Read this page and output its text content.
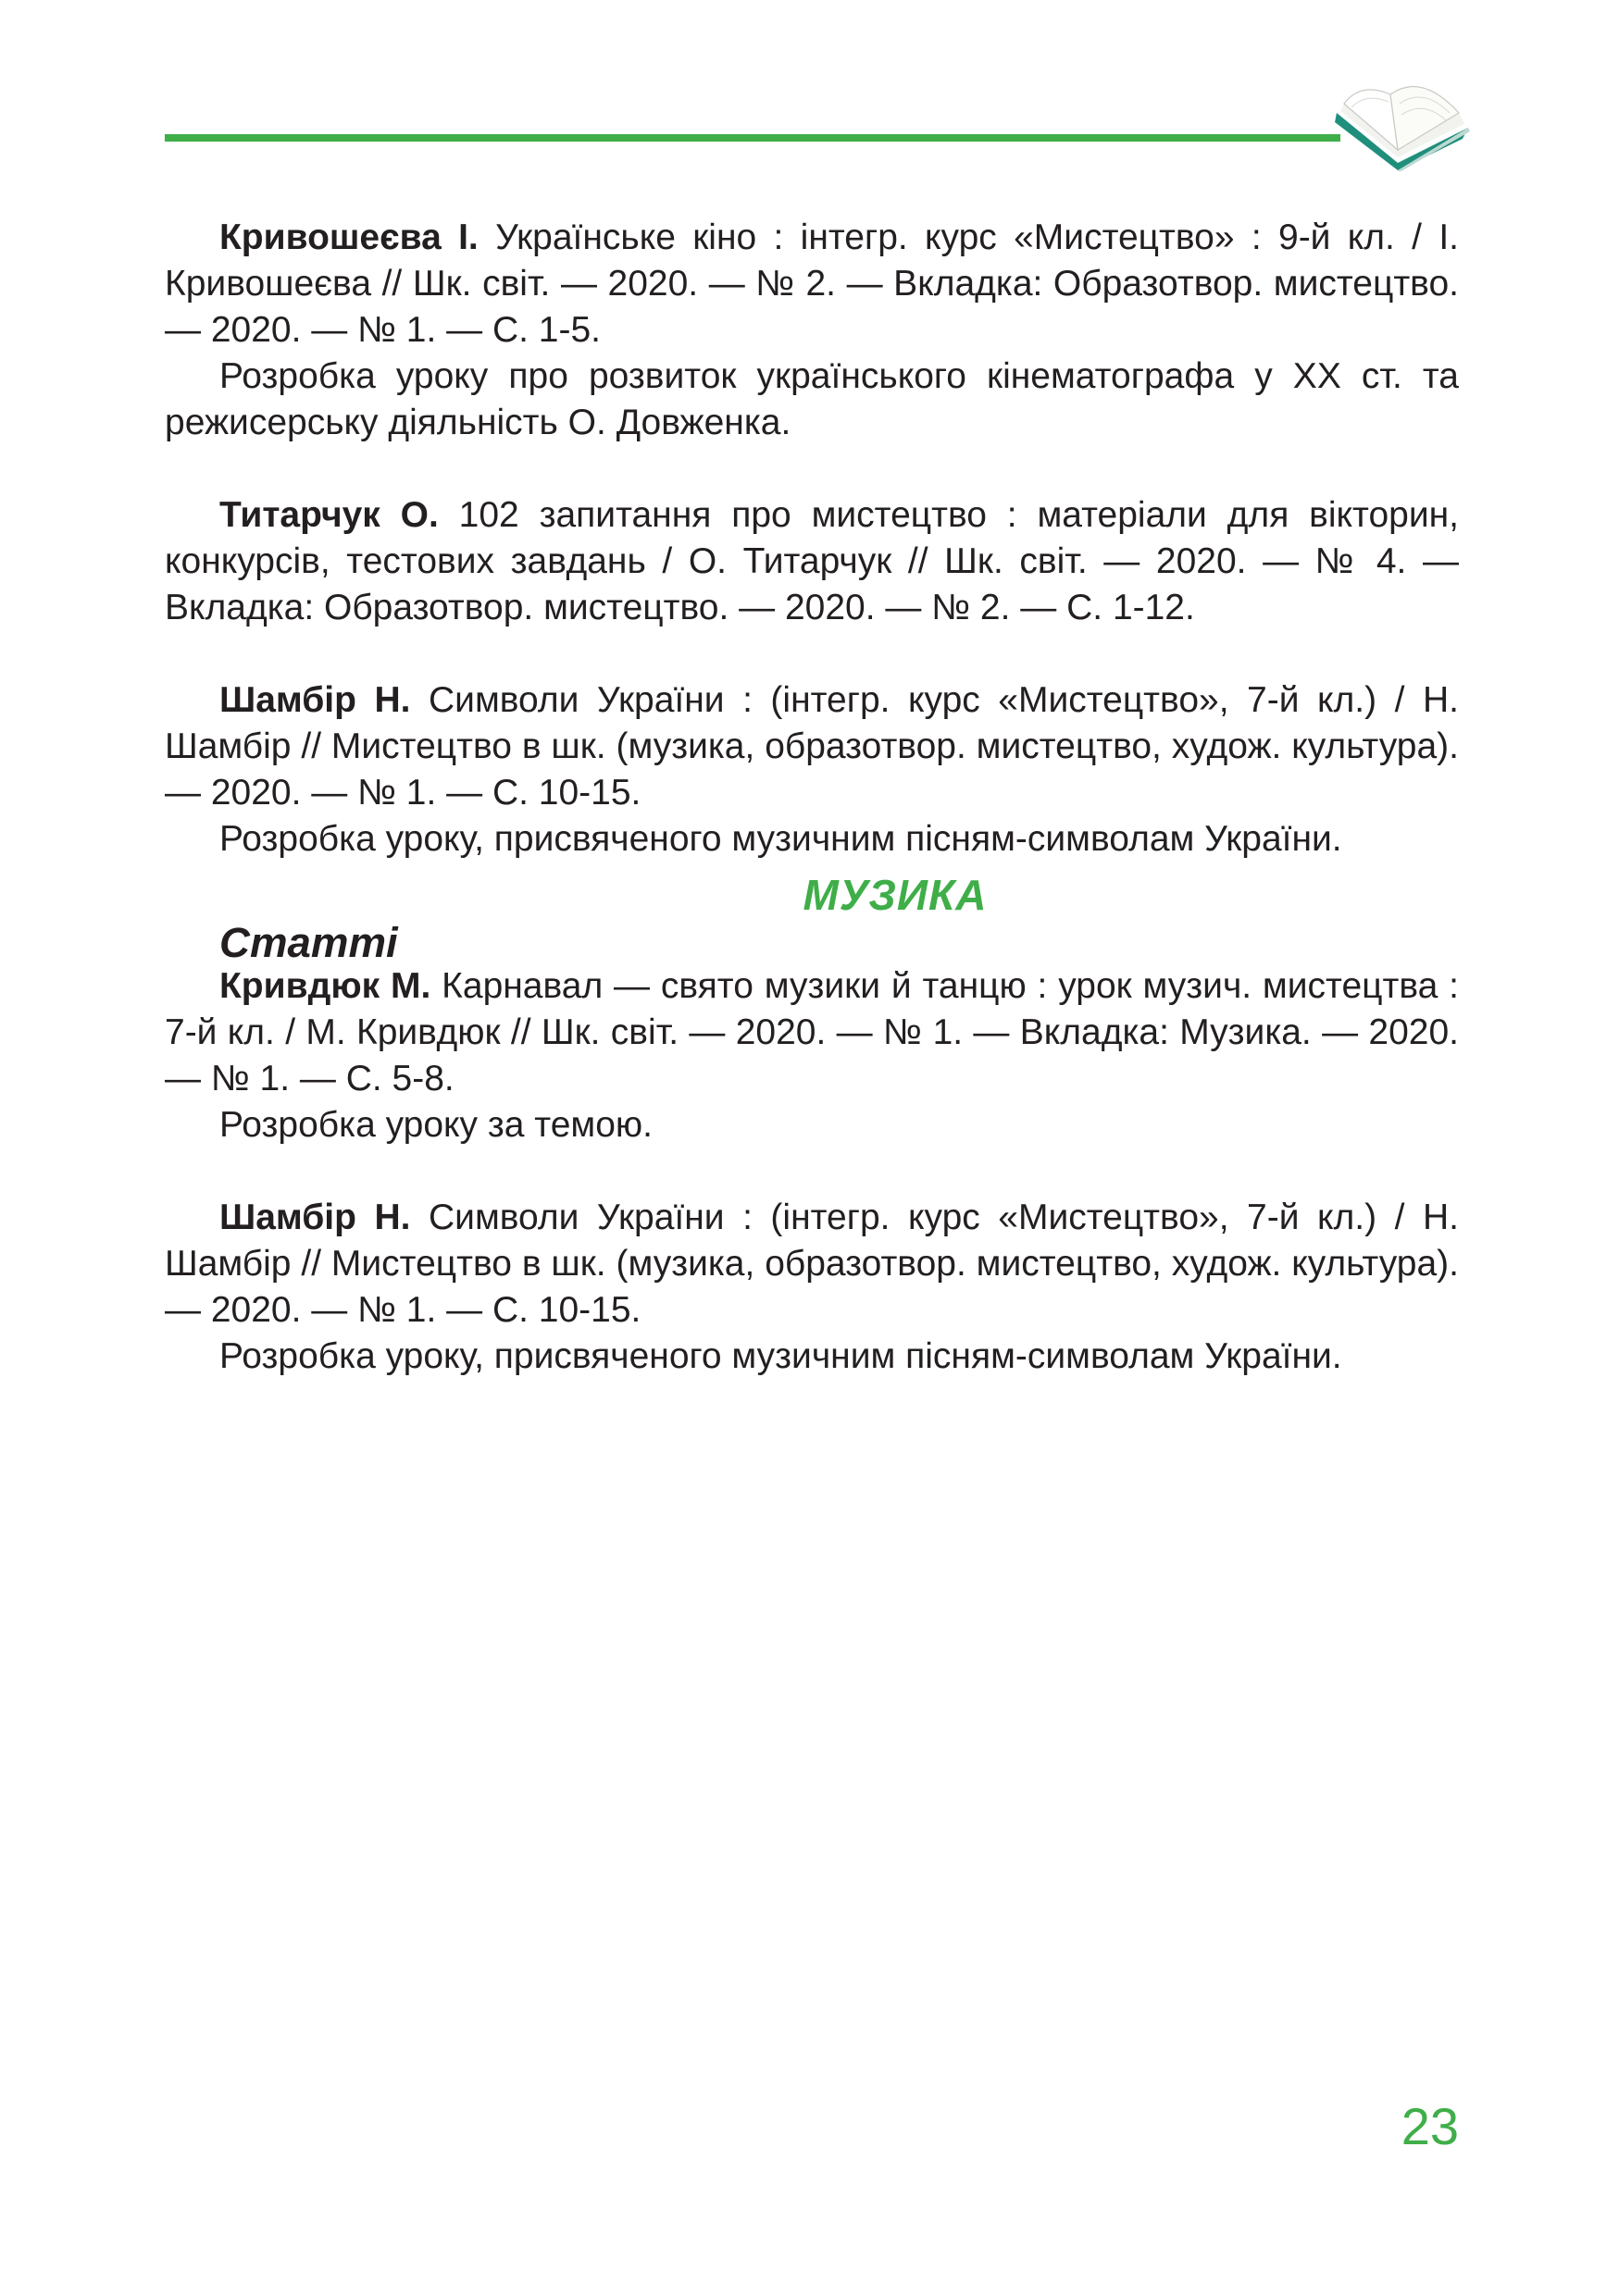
Кривошеєва І. Українське кіно : інтегр. курс «Мистецтво» : 9-й кл. / І. Кривошеєва // Шк. світ. — 2020. — № 2. — Вкладка: Образотвор. мистецтво. — 2020. — № 1. — С. 1-5.

Розробка уроку про розвиток українського кінематографа у ХХ ст. та режисерську діяльність О. Довженка.

Титарчук О. 102 запитання про мистецтво : матеріали для вікторин, конкурсів, тестових завдань / О. Титарчук // Шк. світ. — 2020. — № 4. — Вкладка: Образотвор. мистецтво. — 2020. — № 2. — С. 1-12.

Шамбір Н. Символи України : (інтегр. курс «Мистецтво», 7-й кл.) / Н. Шамбір // Мистецтво в шк. (музика, образотвор. мистецтво, худож. культура). — 2020. — № 1. — С. 10-15.

Розробка уроку, присвяченого музичним пісням-символам України.

МУЗИКА
Статті

Кривдюк М. Карнавал — свято музики й танцю : урок музич. мистецтва : 7-й кл. / М. Кривдюк // Шк. світ. — 2020. — № 1. — Вкладка: Музика. — 2020. — № 1. — С. 5-8.

Розробка уроку за темою.

Шамбір Н. Символи України : (інтегр. курс «Мистецтво», 7-й кл.) / Н. Шамбір // Мистецтво в шк. (музика, образотвор. мистецтво, худож. культура). — 2020. — № 1. — С. 10-15.

Розробка уроку, присвяченого музичним пісням-символам України.

23
